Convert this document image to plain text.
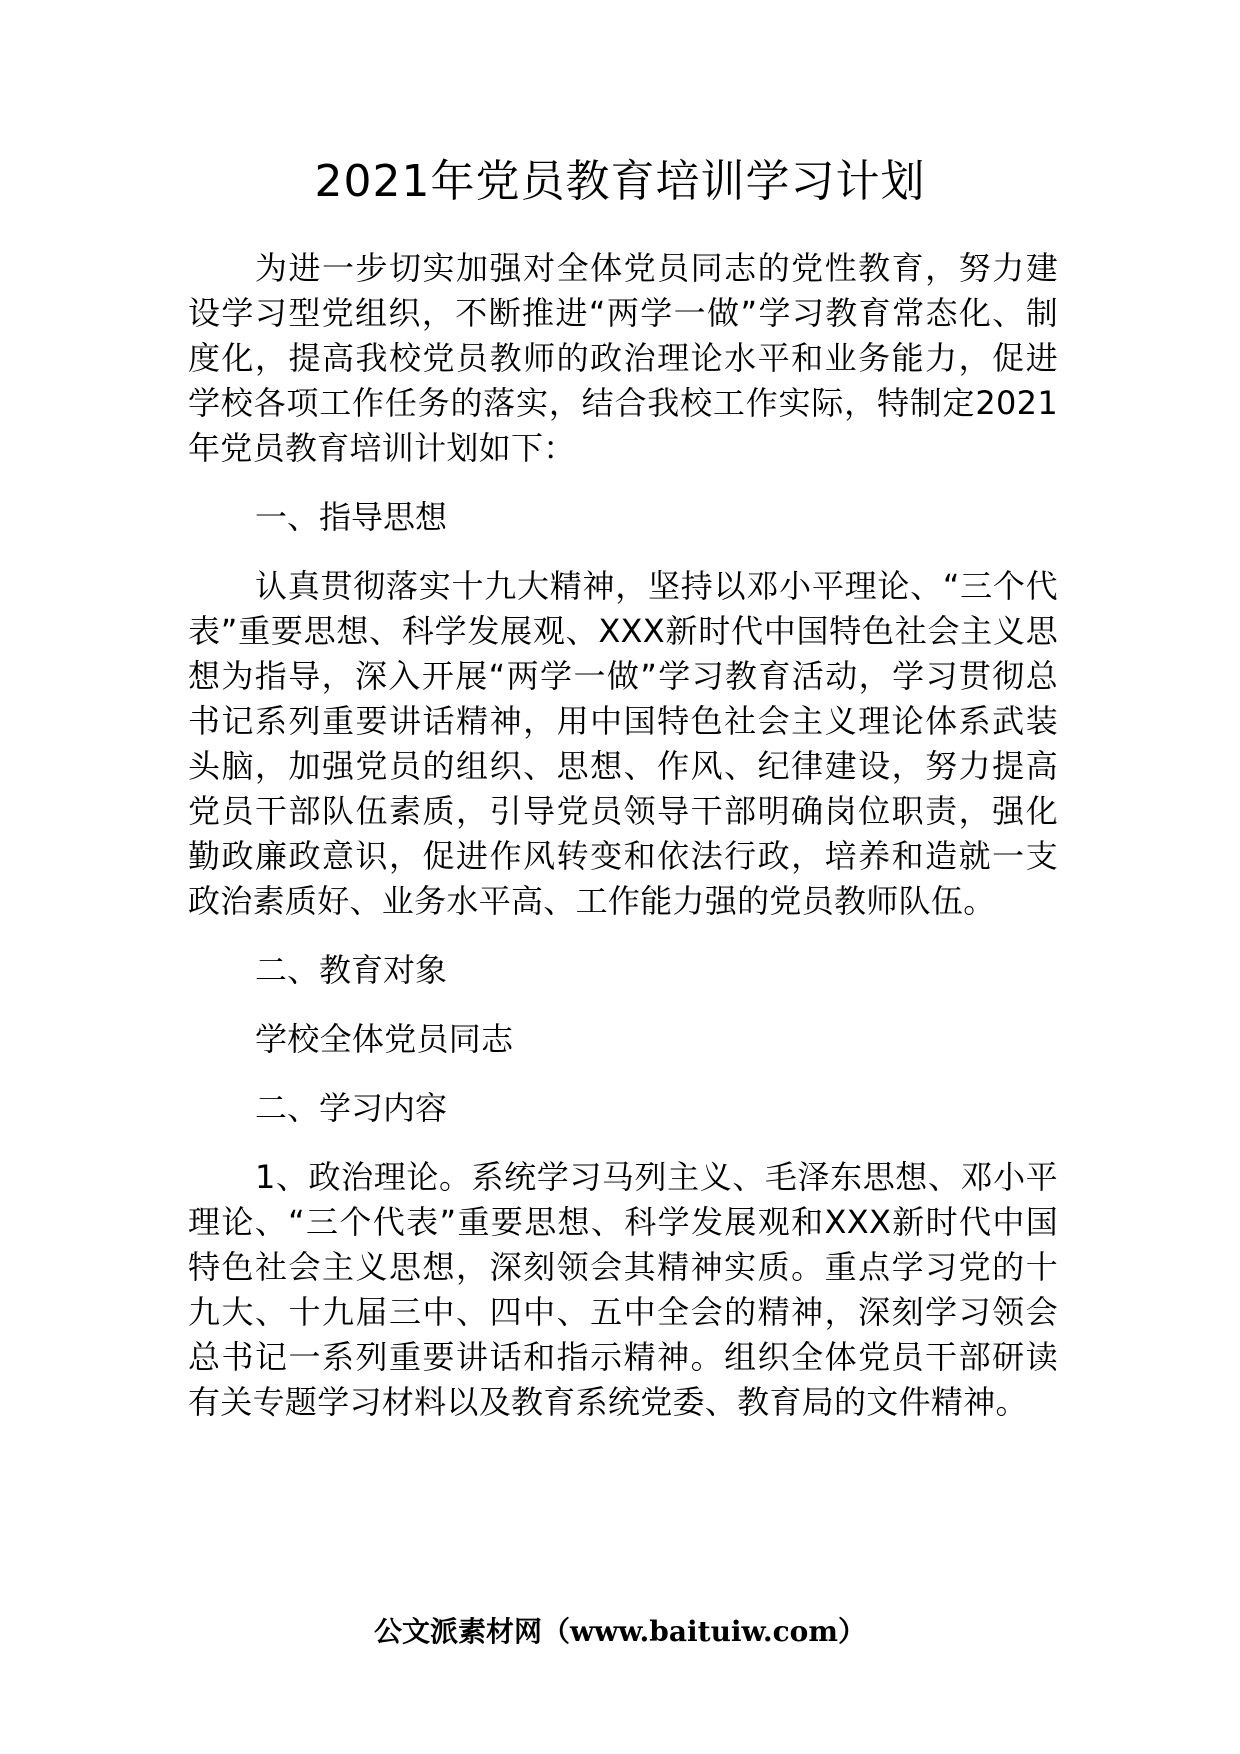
2021年党员教育培训学习计划

为进一步切实加强对全体党员同志的党性教育，努力建设学习型党组织，不断推进“两学一做”学习教育常态化、制度化，提高我校党员教师的政治理论水平和业务能力，促进学校各项工作任务的落实，结合我校工作实际，特制定2021年党员教育培训计划如下：

一、指导思想

认真贯彻落实十九大精神，坚持以邓小平理论、“三个代表”重要思想、科学发展观、XXX新时代中国特色社会主义思想为指导，深入开展“两学一做”学习教育活动，学习贯彻总书记系列重要讲话精神，用中国特色社会主义理论体系武装头脑，加强党员的组织、思想、作风、纪律建设，努力提高党员干部队伍素质，引导党员领导干部明确岗位职责，强化勤政廉政意识，促进作风转变和依法行政，培养和造就一支政治素质好、业务水平高、工作能力强的党员教师队伍。

二、教育对象

学校全体党员同志

二、学习内容

1、政治理论。系统学习马列主义、毛泽东思想、邓小平理论、“三个代表”重要思想、科学发展观和XXX新时代中国特色社会主义思想，深刻领会其精神实质。重点学习党的十九大、十九届三中、四中、五中全会的精神，深刻学习领会总书记一系列重要讲话和指示精神。组织全体党员干部研读有关专题学习材料以及教育系统党委、教育局的文件精神。

公文派素材网（www.baituiw.com）
